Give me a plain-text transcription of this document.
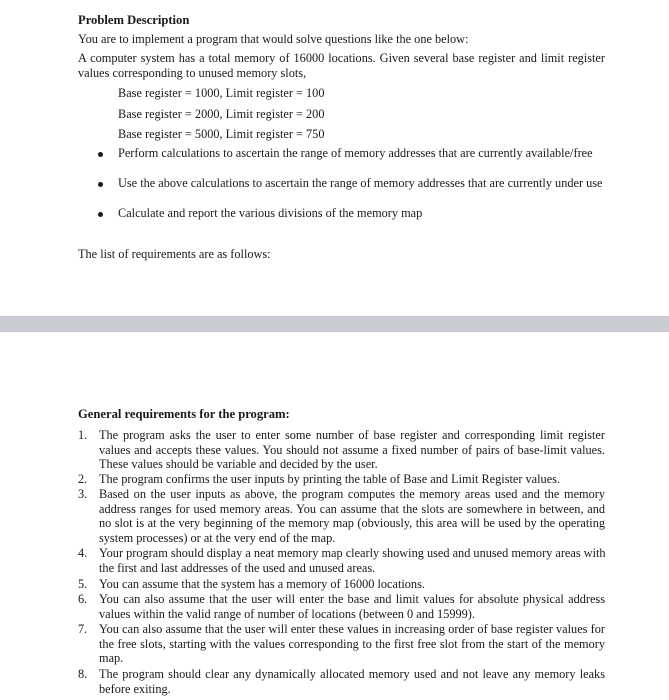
Problem Description
You are to implement a program that would solve questions like the one below:
A computer system has a total memory of 16000 locations. Given several base register and limit register values corresponding to unused memory slots,
Base register = 1000, Limit register = 100
Base register = 2000, Limit register = 200
Base register = 5000, Limit register = 750
Perform calculations to ascertain the range of memory addresses that are currently available/free
Use the above calculations to ascertain the range of memory addresses that are currently under use
Calculate and report the various divisions of the memory map
The list of requirements are as follows:
General requirements for the program:
1. The program asks the user to enter some number of base register and corresponding limit register values and accepts these values. You should not assume a fixed number of pairs of base-limit values. These values should be variable and decided by the user.
2. The program confirms the user inputs by printing the table of Base and Limit Register values.
3. Based on the user inputs as above, the program computes the memory areas used and the memory address ranges for used memory areas. You can assume that the slots are somewhere in between, and no slot is at the very beginning of the memory map (obviously, this area will be used by the operating system processes) or at the very end of the map.
4. Your program should display a neat memory map clearly showing used and unused memory areas with the first and last addresses of the used and unused areas.
5. You can assume that the system has a memory of 16000 locations.
6. You can also assume that the user will enter the base and limit values for absolute physical address values within the valid range of number of locations (between 0 and 15999).
7. You can also assume that the user will enter these values in increasing order of base register values for the free slots, starting with the values corresponding to the first free slot from the start of the memory map.
8. The program should clear any dynamically allocated memory used and not leave any memory leaks before exiting.
